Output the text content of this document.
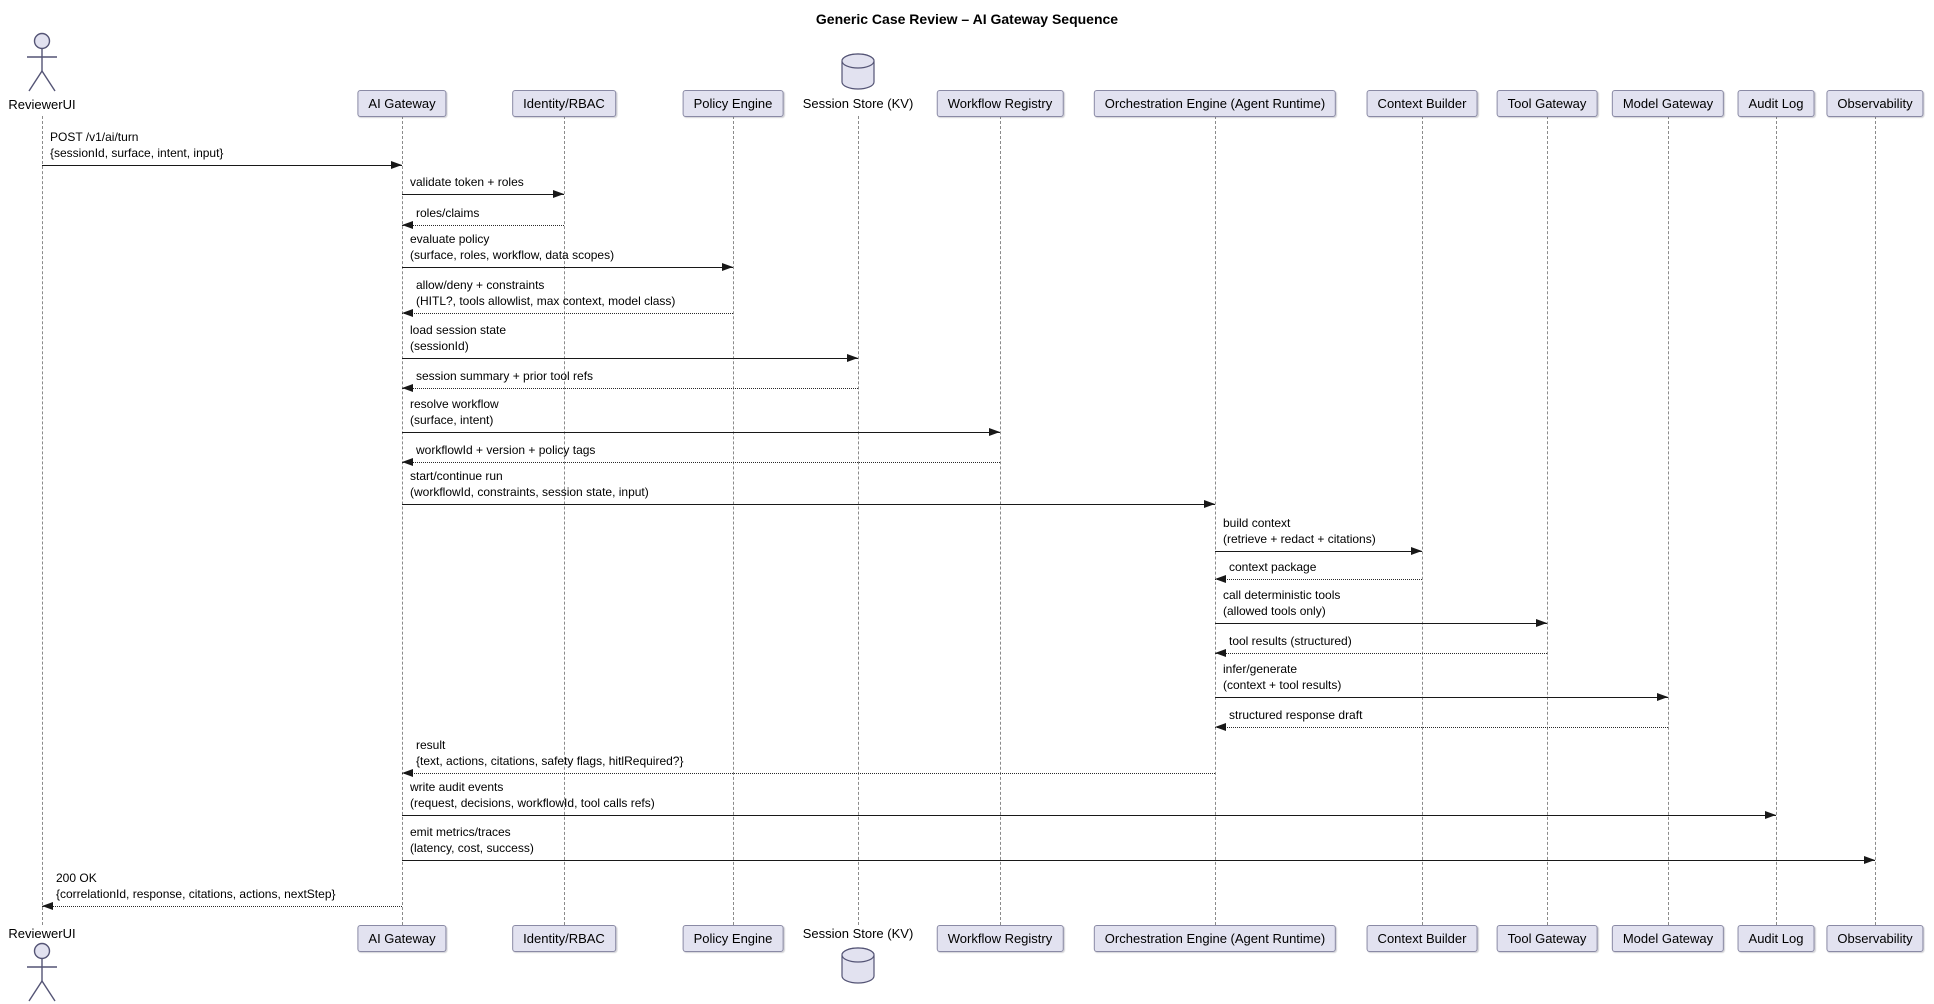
Generic Case Review – AI Gateway Sequence
ReviewerUI
ReviewerUI
AI Gateway
AI Gateway
Identity/RBAC
Identity/RBAC
Policy Engine
Policy Engine
Session Store (KV)
Session Store (KV)
Workflow Registry
Workflow Registry
Orchestration Engine (Agent Runtime)
Orchestration Engine (Agent Runtime)
Context Builder
Context Builder
Tool Gateway
Tool Gateway
Model Gateway
Model Gateway
Audit Log
Audit Log
Observability
Observability
POST /v1/ai/turn
{sessionId, surface, intent, input}
validate token + roles
roles/claims
evaluate policy
(surface, roles, workflow, data scopes)
allow/deny + constraints
(HITL?, tools allowlist, max context, model class)
load session state
(sessionId)
session summary + prior tool refs
resolve workflow
(surface, intent)
workflowId + version + policy tags
start/continue run
(workflowId, constraints, session state, input)
build context
(retrieve + redact + citations)
context package
call deterministic tools
(allowed tools only)
tool results (structured)
infer/generate
(context + tool results)
structured response draft
result
{text, actions, citations, safety flags, hitlRequired?}
write audit events
(request, decisions, workflowId, tool calls refs)
emit metrics/traces
(latency, cost, success)
200 OK
{correlationId, response, citations, actions, nextStep}
